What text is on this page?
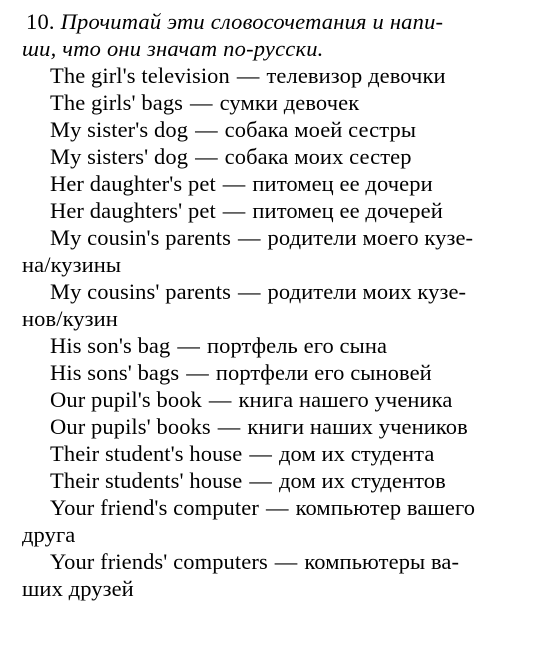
10. Прочитай эти словосочетания и напи-
ши, что они значат по-русски.

The girl's television — телевизор девочки
The girls' bags — сумки девочек
My sister's dog — собака моей сестры
My sisters' dog — собака моих сестер
Her daughter's pet — питомец ее дочери
Her daughters' pet — питомец ее дочерей
My cousin's parents — родители моего кузе-
на/кузины
My cousins' parents — родители моих кузе-
нов/кузин
His son's bag — портфель его сына
His sons' bags — портфели его сыновей
Our pupil's book — книга нашего ученика
Our pupils' books — книги наших учеников
Their student's house — дом их студента
Their students' house — дом их студентов
Your friend's computer — компьютер вашего
друга
Your friends' computers — компьютеры ва-
ших друзей
